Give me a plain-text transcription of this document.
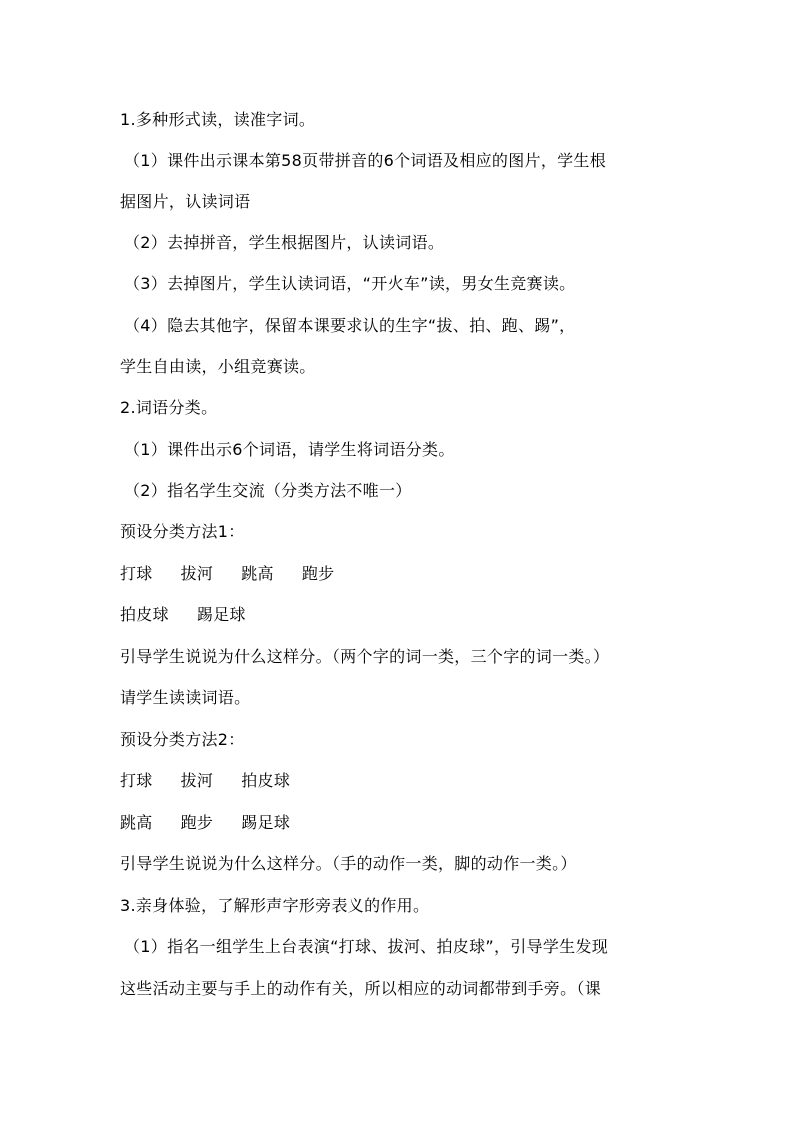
1.多种形式读，读准字词。
（1）课件出示课本第58页带拼音的6个词语及相应的图片，学生根
据图片，认读词语
（2）去掉拼音，学生根据图片，认读词语。
（3）去掉图片，学生认读词语，“开火车”读，男女生竞赛读。
（4）隐去其他字，保留本课要求认的生字“拔、拍、跑、踢”，
学生自由读，小组竞赛读。
2.词语分类。
（1）课件出示6个词语，请学生将词语分类。
（2）指名学生交流（分类方法不唯一）
预设分类方法1：
打球 拔河 跳高 跑步
拍皮球 踢足球
引导学生说说为什么这样分。（两个字的词一类，三个字的词一类。）
请学生读读词语。
预设分类方法2：
打球 拔河 拍皮球
跳高 跑步 踢足球
引导学生说说为什么这样分。（手的动作一类，脚的动作一类。）
3.亲身体验，了解形声字形旁表义的作用。
（1）指名一组学生上台表演“打球、拔河、拍皮球”，引导学生发现
这些活动主要与手上的动作有关，所以相应的动词都带到手旁。（课
